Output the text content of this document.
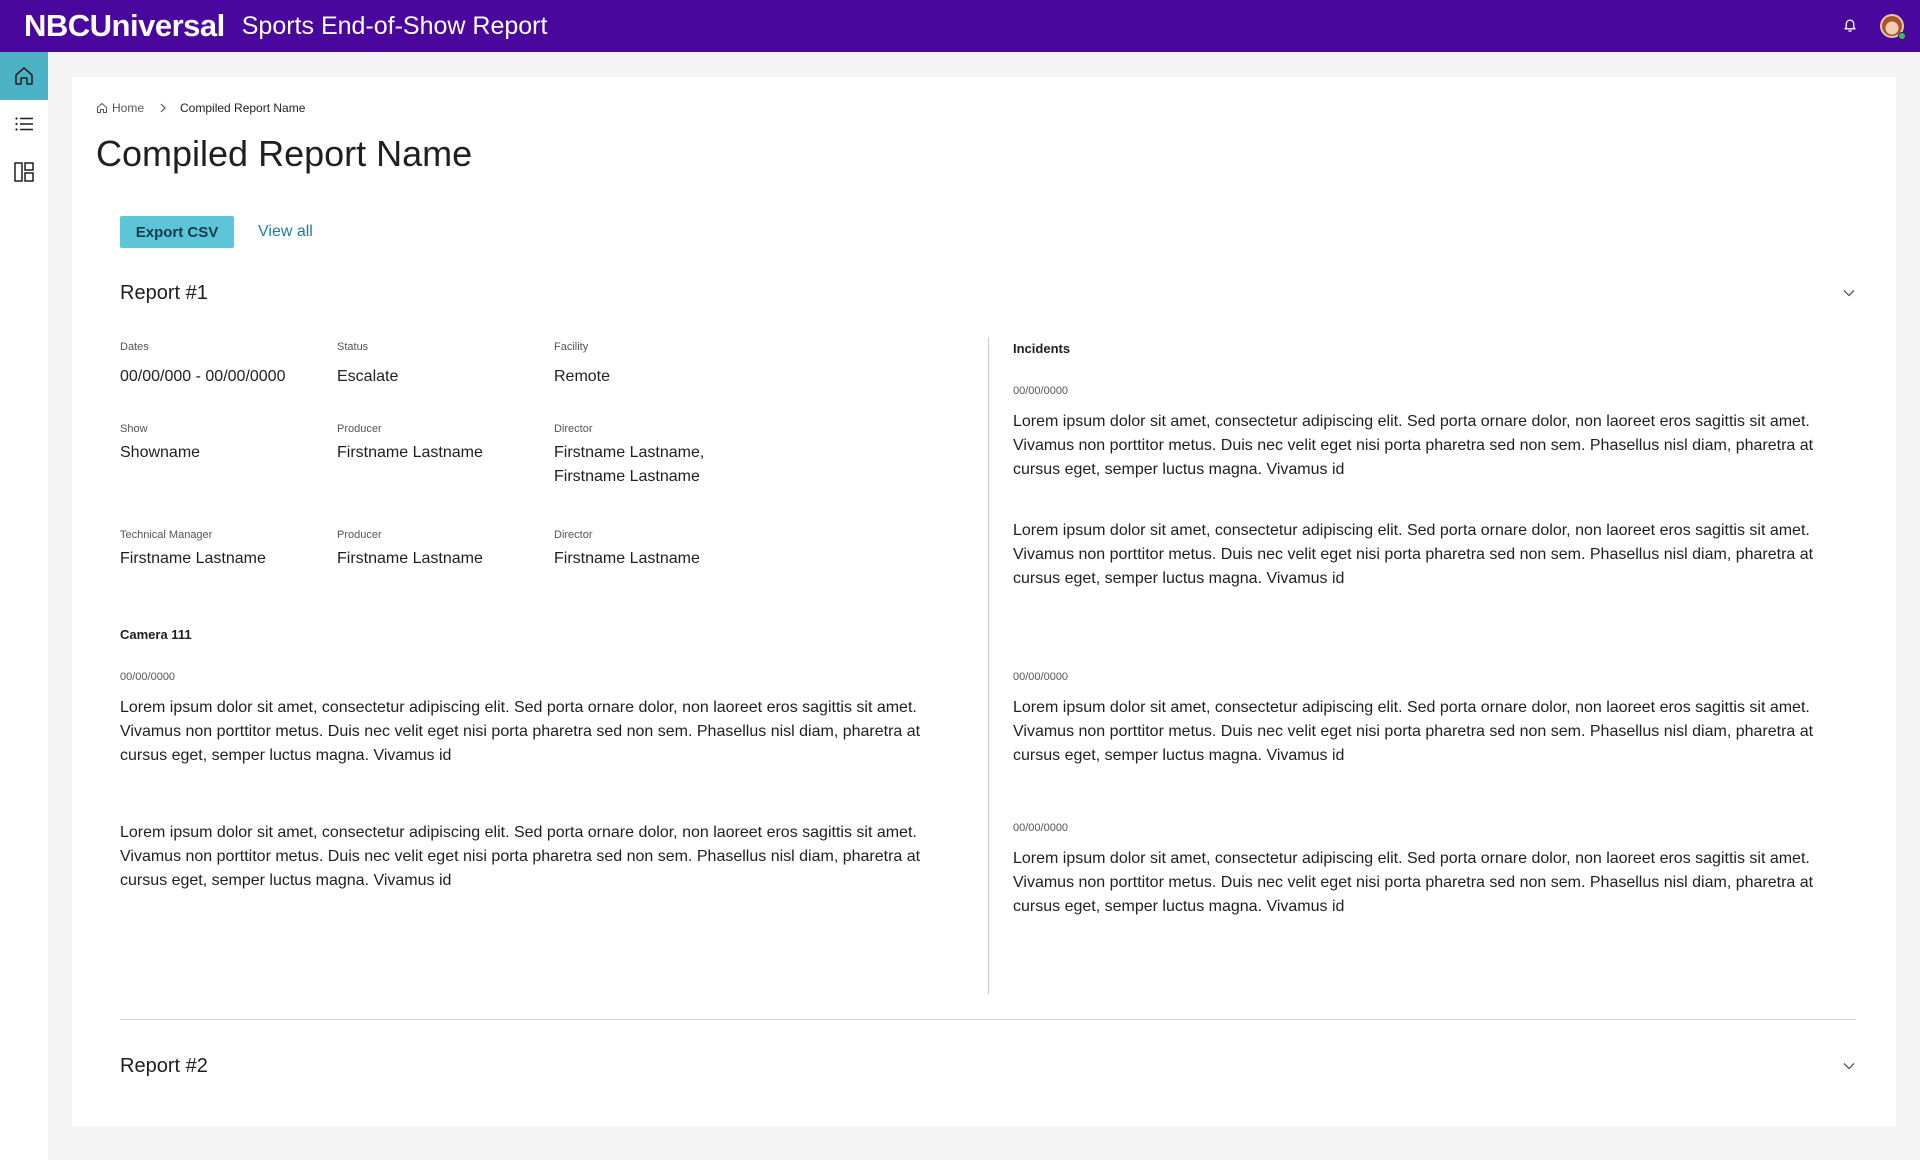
NBCUniversal Sports End-of-Show Report
Home	Compiled Report Name
Compiled Report Name
Export CSV	View all
Report #1
Dates
00/00/000 - 00/00/0000
Status
Escalate
Facility
Remote
Show
Showname
Producer
Firstname Lastname
Director
Firstname Lastname,
Firstname Lastname
Technical Manager
Firstname Lastname
Producer
Firstname Lastname
Director
Firstname Lastname
Camera 111
00/00/0000

Lorem ipsum dolor sit amet, consectetur adipiscing elit. Sed porta ornare dolor, non laoreet eros sagittis sit amet. Vivamus non porttitor metus. Duis nec velit eget nisi porta pharetra sed non sem. Phasellus nisl diam, pharetra at cursus eget, semper luctus magna. Vivamus id

Lorem ipsum dolor sit amet, consectetur adipiscing elit. Sed porta ornare dolor, non laoreet eros sagittis sit amet. Vivamus non porttitor metus. Duis nec velit eget nisi porta pharetra sed non sem. Phasellus nisl diam, pharetra at cursus eget, semper luctus magna. Vivamus id

Incidents
00/00/0000

Lorem ipsum dolor sit amet, consectetur adipiscing elit. Sed porta ornare dolor, non laoreet eros sagittis sit amet. Vivamus non porttitor metus. Duis nec velit eget nisi porta pharetra sed non sem. Phasellus nisl diam, pharetra at cursus eget, semper luctus magna. Vivamus id

Lorem ipsum dolor sit amet, consectetur adipiscing elit. Sed porta ornare dolor, non laoreet eros sagittis sit amet. Vivamus non porttitor metus. Duis nec velit eget nisi porta pharetra sed non sem. Phasellus nisl diam, pharetra at cursus eget, semper luctus magna. Vivamus id

00/00/0000

Lorem ipsum dolor sit amet, consectetur adipiscing elit. Sed porta ornare dolor, non laoreet eros sagittis sit amet. Vivamus non porttitor metus. Duis nec velit eget nisi porta pharetra sed non sem. Phasellus nisl diam, pharetra at cursus eget, semper luctus magna. Vivamus id

00/00/0000

Lorem ipsum dolor sit amet, consectetur adipiscing elit. Sed porta ornare dolor, non laoreet eros sagittis sit amet. Vivamus non porttitor metus. Duis nec velit eget nisi porta pharetra sed non sem. Phasellus nisl diam, pharetra at cursus eget, semper luctus magna. Vivamus id

Report #2
